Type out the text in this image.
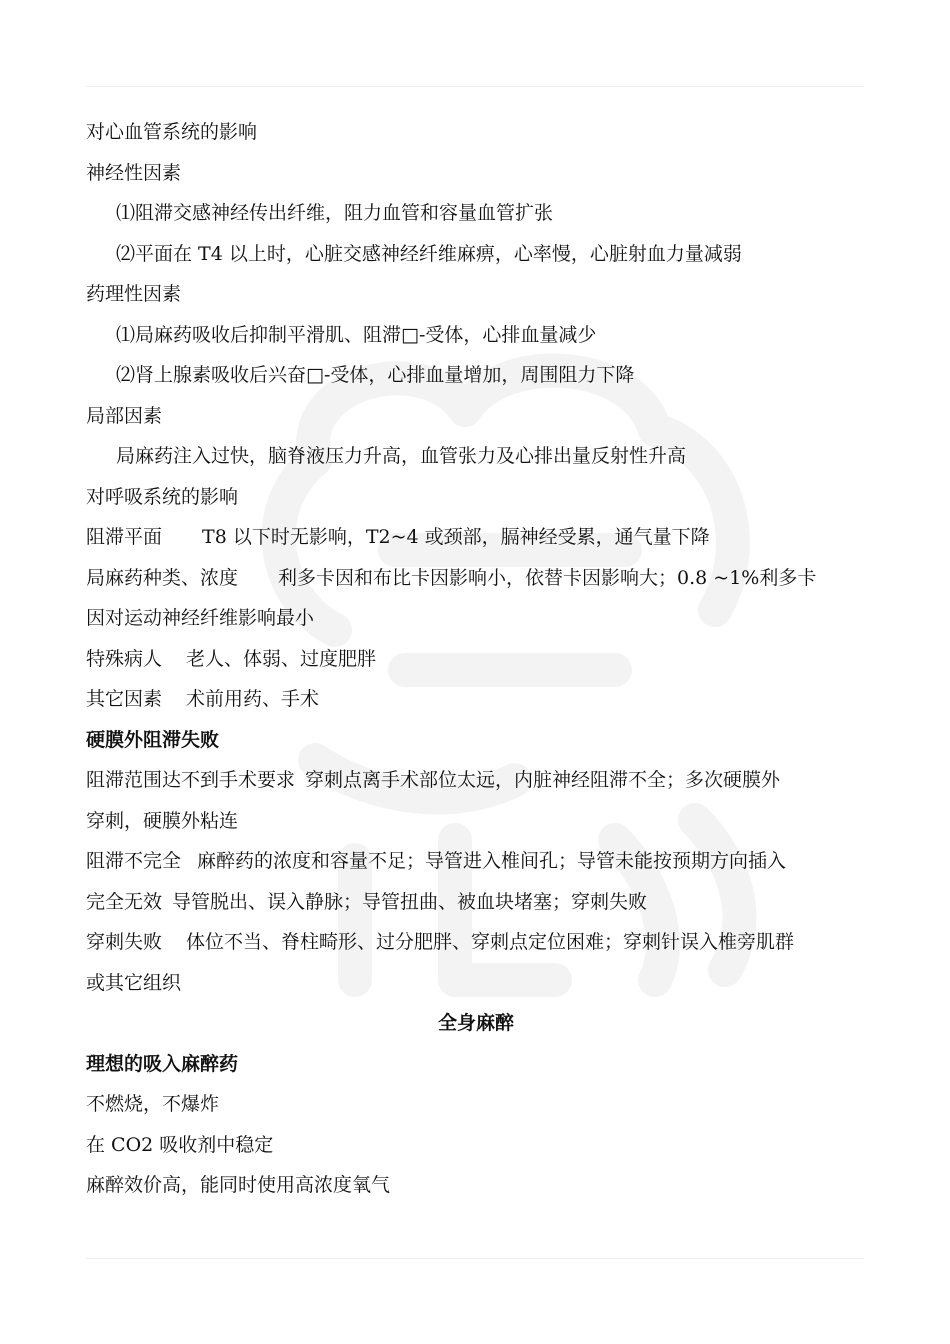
对心血管系统的影响
神经性因素
⑴阻滞交感神经传出纤维，阻力血管和容量血管扩张
⑵平面在 T4 以上时，心脏交感神经纤维麻痹，心率慢，心脏射血力量减弱
药理性因素
⑴局麻药吸收后抑制平滑肌、阻滞□-受体，心排血量减少
⑵肾上腺素吸收后兴奋□-受体，心排血量增加，周围阻力下降
局部因素
局麻药注入过快，脑脊液压力升高，血管张力及心排出量反射性升高
对呼吸系统的影响
阻滞平面 T8 以下时无影响，T2~4 或颈部，膈神经受累，通气量下降
局麻药种类、浓度 利多卡因和布比卡因影响小，依替卡因影响大；0.8 ~1%利多卡
因对运动神经纤维影响最小
特殊病人 老人、体弱、过度肥胖
其它因素 术前用药、手术
硬膜外阻滞失败
阻滞范围达不到手术要求 穿刺点离手术部位太远，内脏神经阻滞不全；多次硬膜外
穿刺，硬膜外粘连
阻滞不完全 麻醉药的浓度和容量不足；导管进入椎间孔；导管未能按预期方向插入
完全无效 导管脱出、误入静脉；导管扭曲、被血块堵塞；穿刺失败
穿刺失败 体位不当、脊柱畸形、过分肥胖、穿刺点定位困难；穿刺针误入椎旁肌群
或其它组织
全身麻醉
理想的吸入麻醉药
不燃烧，不爆炸
在 CO2 吸收剂中稳定
麻醉效价高，能同时使用高浓度氧气
